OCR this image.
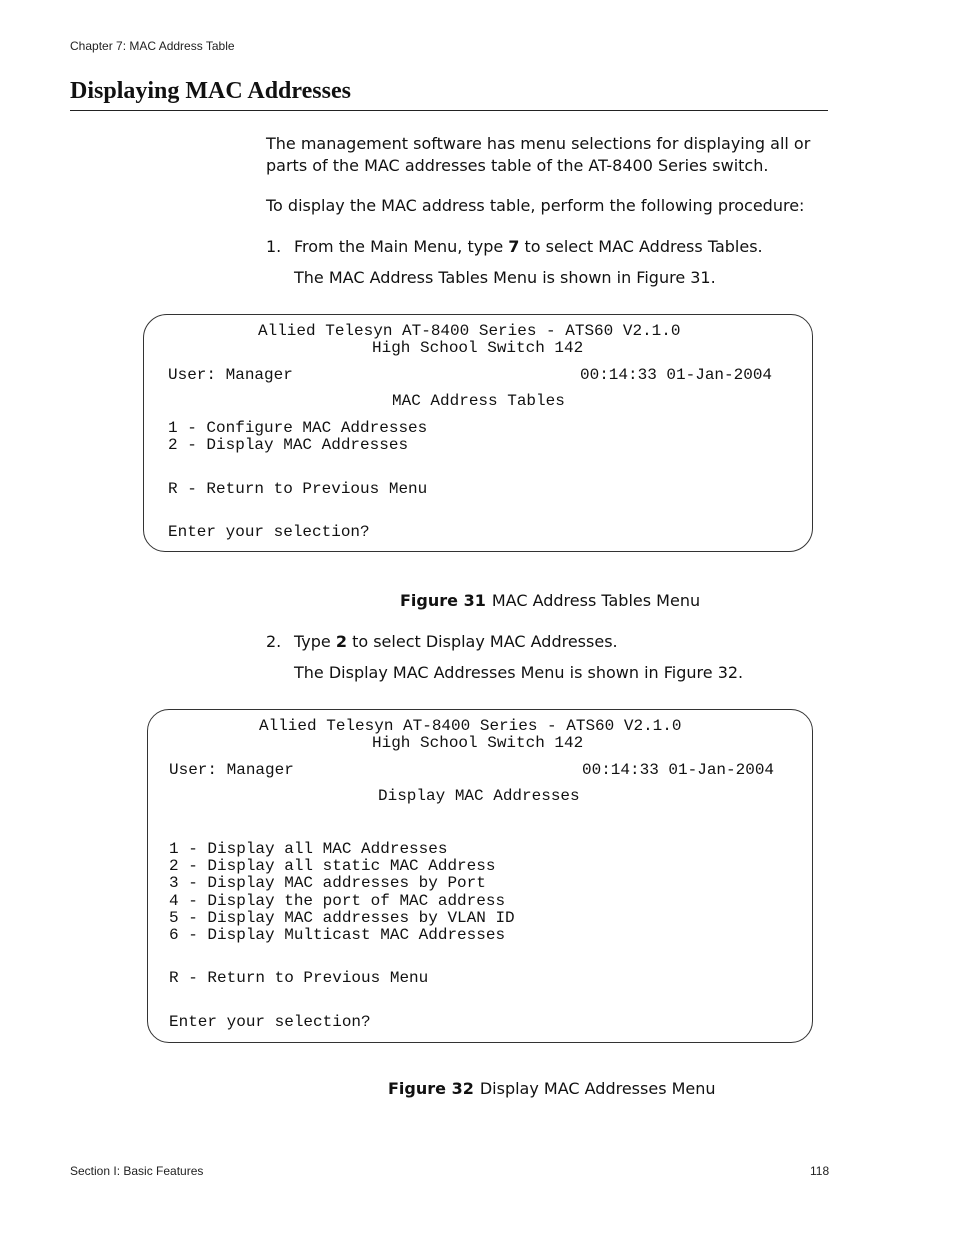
Chapter 7: MAC Address Table
Displaying MAC Addresses
The management software has menu selections for displaying all or parts of the MAC addresses table of the AT-8400 Series switch.
To display the MAC address table, perform the following procedure:
1. From the Main Menu, type 7 to select MAC Address Tables.
The MAC Address Tables Menu is shown in Figure 31.
Allied Telesyn AT-8400 Series - ATS60 V2.1.0
High School Switch 142
User: Manager	00:14:33 01-Jan-2004
MAC Address Tables
1 - Configure MAC Addresses
2 - Display MAC Addresses
R - Return to Previous Menu
Enter your selection?
Figure 31 MAC Address Tables Menu
2. Type 2 to select Display MAC Addresses.
The Display MAC Addresses Menu is shown in Figure 32.
Allied Telesyn AT-8400 Series - ATS60 V2.1.0
High School Switch 142
User: Manager	00:14:33 01-Jan-2004
Display MAC Addresses
1 - Display all MAC Addresses
2 - Display all static MAC Address
3 - Display MAC addresses by Port
4 - Display the port of MAC address
5 - Display MAC addresses by VLAN ID
6 - Display Multicast MAC Addresses
R - Return to Previous Menu
Enter your selection?
Figure 32 Display MAC Addresses Menu
Section I: Basic Features	118
